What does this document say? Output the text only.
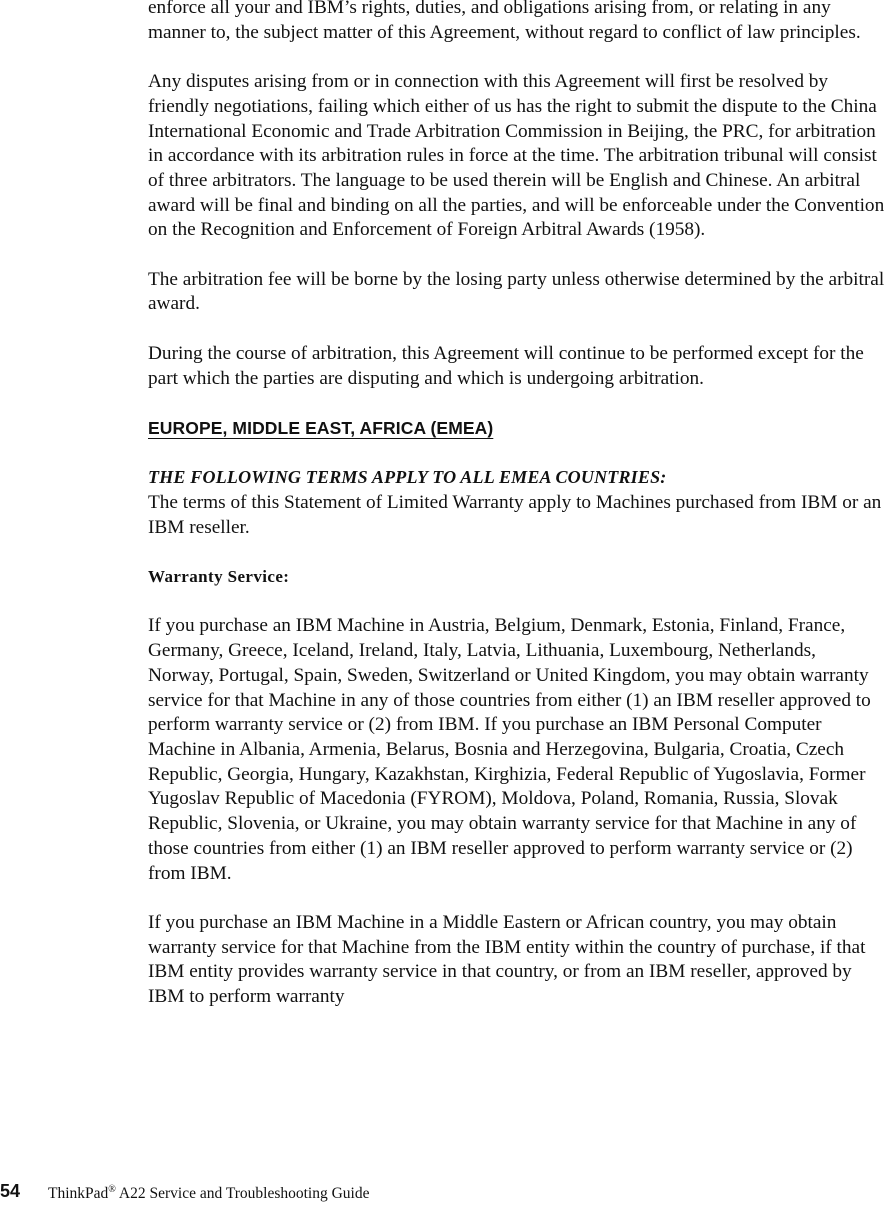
enforce all your and IBM’s rights, duties, and obligations arising from, or relating in any manner to, the subject matter of this Agreement, without regard to conflict of law principles.

Any disputes arising from or in connection with this Agreement will first be resolved by friendly negotiations, failing which either of us has the right to submit the dispute to the China International Economic and Trade Arbitration Commission in Beijing, the PRC, for arbitration in accordance with its arbitration rules in force at the time. The arbitration tribunal will consist of three arbitrators. The language to be used therein will be English and Chinese. An arbitral award will be final and binding on all the parties, and will be enforceable under the Convention on the Recognition and Enforcement of Foreign Arbitral Awards (1958).

The arbitration fee will be borne by the losing party unless otherwise determined by the arbitral award.

During the course of arbitration, this Agreement will continue to be performed except for the part which the parties are disputing and which is undergoing arbitration.

EUROPE, MIDDLE EAST, AFRICA (EMEA)

THE FOLLOWING TERMS APPLY TO ALL EMEA COUNTRIES:

The terms of this Statement of Limited Warranty apply to Machines purchased from IBM or an IBM reseller.

Warranty Service:

If you purchase an IBM Machine in Austria, Belgium, Denmark, Estonia, Finland, France, Germany, Greece, Iceland, Ireland, Italy, Latvia, Lithuania, Luxembourg, Netherlands, Norway, Portugal, Spain, Sweden, Switzerland or United Kingdom, you may obtain warranty service for that Machine in any of those countries from either (1) an IBM reseller approved to perform warranty service or (2) from IBM. If you purchase an IBM Personal Computer Machine in Albania, Armenia, Belarus, Bosnia and Herzegovina, Bulgaria, Croatia, Czech Republic, Georgia, Hungary, Kazakhstan, Kirghizia, Federal Republic of Yugoslavia, Former Yugoslav Republic of Macedonia (FYROM), Moldova, Poland, Romania, Russia, Slovak Republic, Slovenia, or Ukraine, you may obtain warranty service for that Machine in any of those countries from either (1) an IBM reseller approved to perform warranty service or (2) from IBM.

If you purchase an IBM Machine in a Middle Eastern or African country, you may obtain warranty service for that Machine from the IBM entity within the country of purchase, if that IBM entity provides warranty service in that country, or from an IBM reseller, approved by IBM to perform warranty

54 ThinkPad® A22 Service and Troubleshooting Guide
